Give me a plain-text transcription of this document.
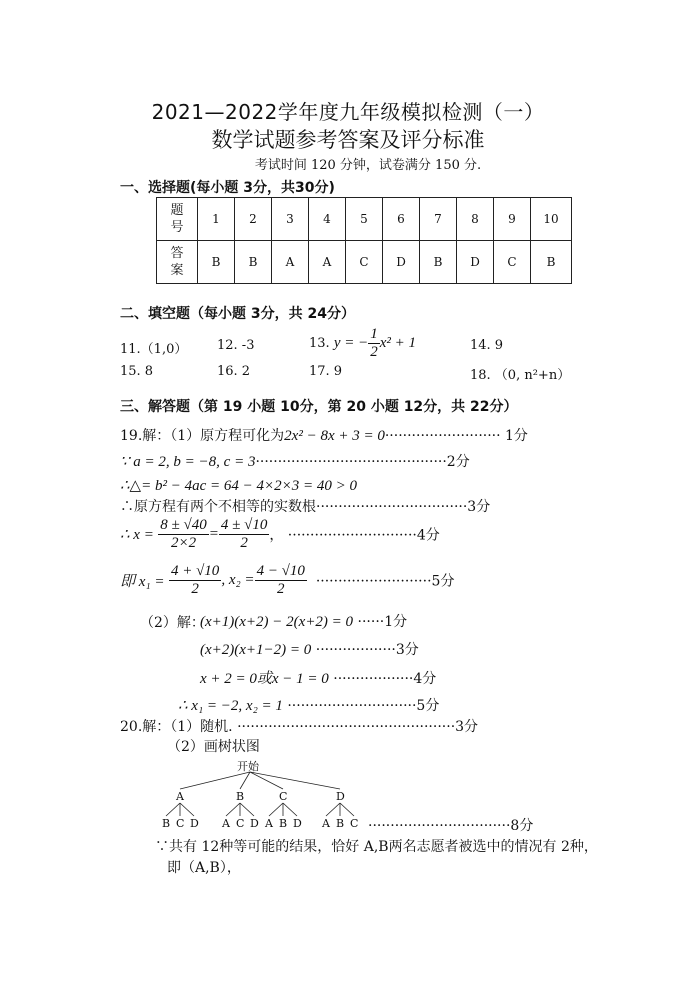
2021—2022学年度九年级模拟检测（一）
数学试题参考答案及评分标准
考试时间 120 分钟，试卷满分 150 分.
一、选择题(每小题 3分，共30分)
题
号	1	2	3	4	5	6	7	8	9	10
答
案	B	B	A	A	C	D	B	D	C	B
二、填空题（每小题 3分，共 24分）
11.（1,0） 12. -3	13. y = − $\frac{1}{2} x^2 + 1$	14. 9
15. 8	16. 2	17. 9	18. （0, n²+n）
三、解答题（第 19 小题 10分，第 20 小题 12分，共 22分）
19.解：（1）原方程可化为2x² − 8x + 3 = 0·························· 1分
∵ a = 2, b = −8, c = 3···········································2分
∴△= b² − 4ac = 64 − 4×2×3 = 40 > 0
∴原方程有两个不相等的实数根··································3分
∴ $x = \frac{8 \pm √40}{2\times 2} = \frac{4 \pm √10}{2}$ ， ·····························4分
即 $x_1 = \frac{4 + √10}{2}$ , $x_2 = \frac{4 - √10}{2} \cdot\cdot\cdot\cdot\cdot\cdot\cdot\cdot\cdot\cdot\cdot\cdot\cdot\cdot\cdot\cdot\cdot\cdot\cdot\cdot\cdot\cdot\cdot\cdot\cdot\cdot 5$分
（2）解：
(x+1)(x+2) − 2(x+2) = 0 ······1分
(x+2)(x+1−2) = 0 ··················3分
x + 2 = 0或x − 1 = 0 ··················4分
∴ x₁ = −2, x₂ = 1 ·····························5分
20.解：（1）随机. ·················································3分
（2）画树状图
开始
A	B	C	D
B C D A C D A B D A B C ································8分
∵共有 12种等可能的结果，恰好 A,B两名志愿者被选中的情况有 2种，
即（A,B），
